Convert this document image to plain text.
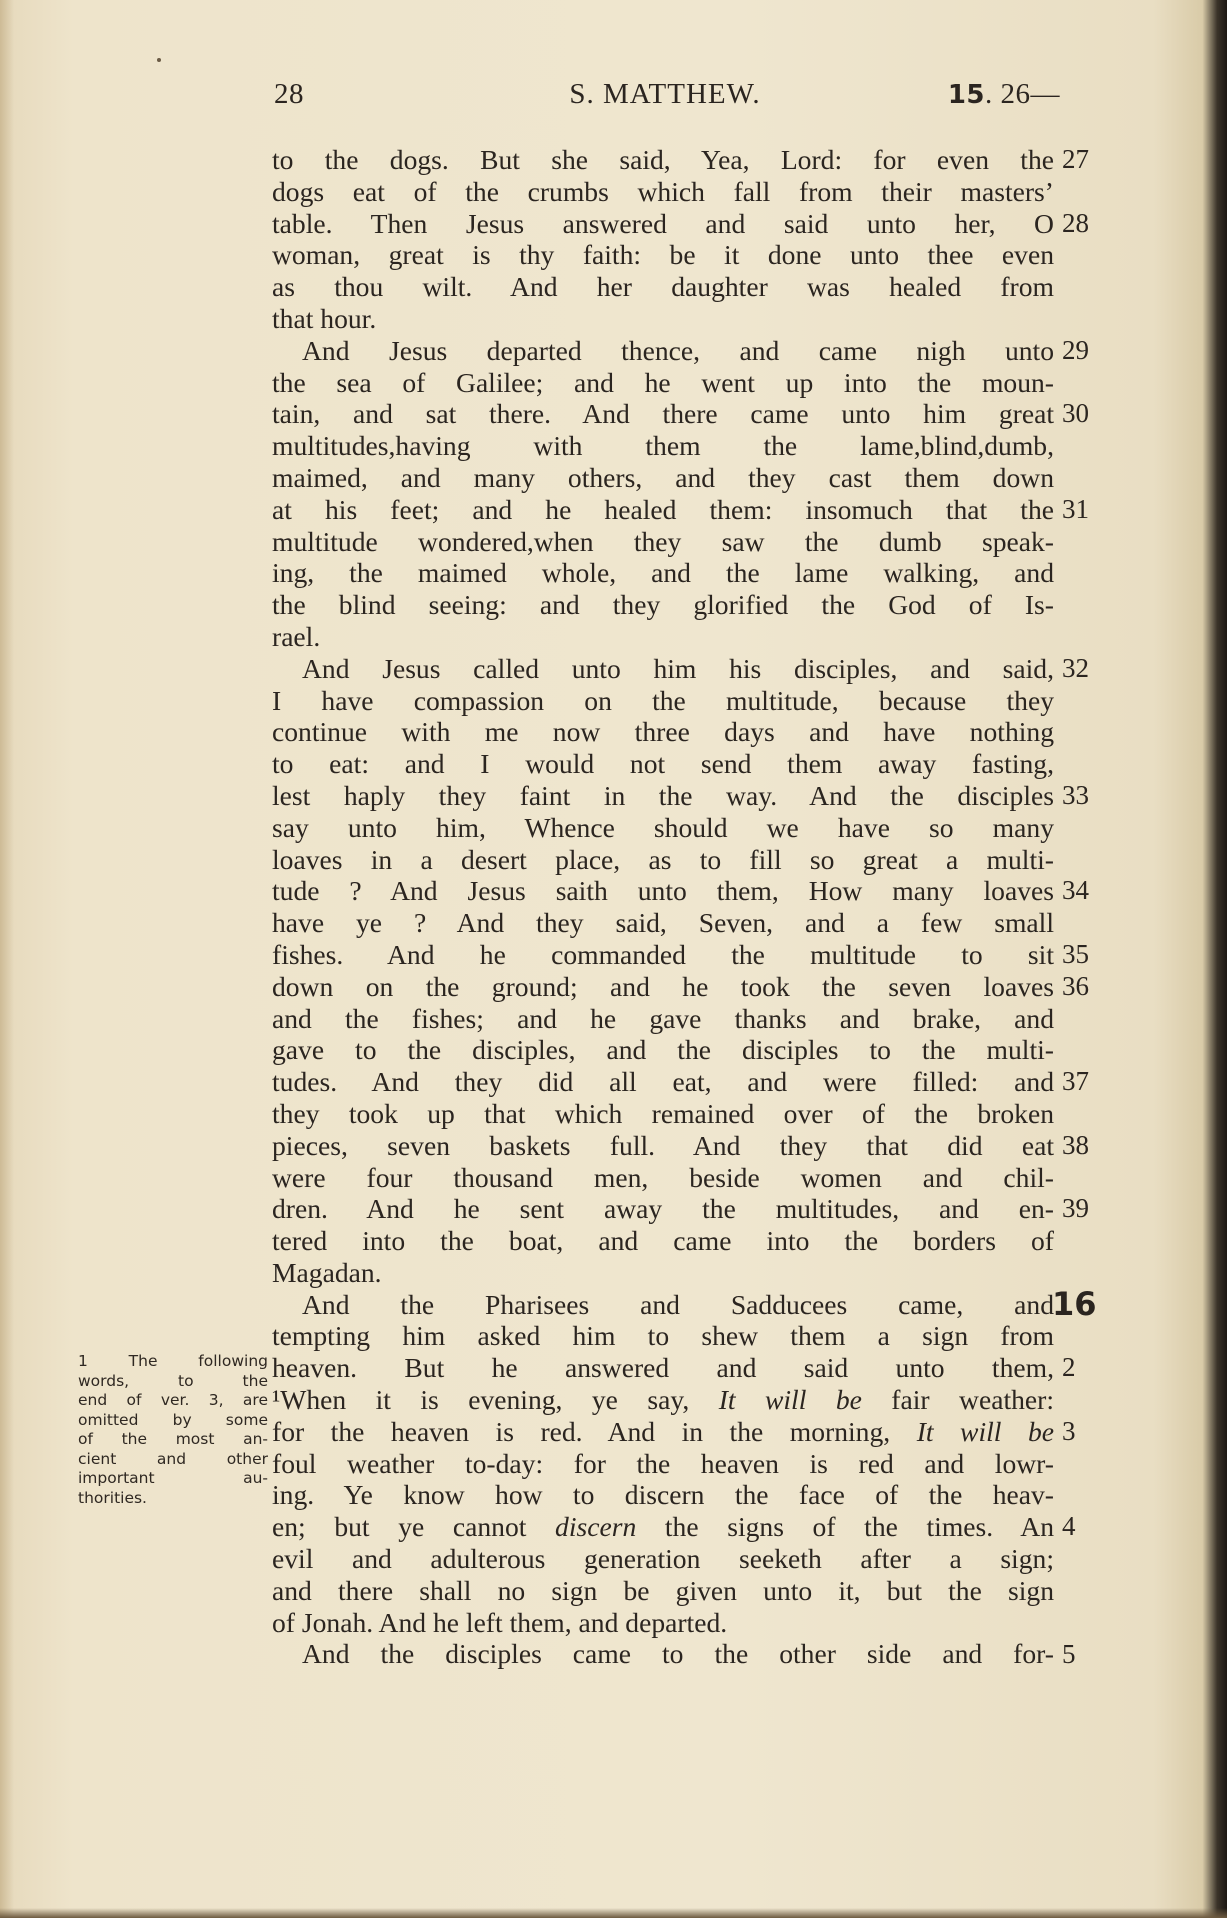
28	S. MATTHEW.	15. 26—
to the dogs. But she said, Yea, Lord: for even the
dogs eat of the crumbs which fall from their masters’
table. Then Jesus answered and said unto her, O
woman, great is thy faith: be it done unto thee even
as thou wilt. And her daughter was healed from
that hour.
And Jesus departed thence, and came nigh unto
the sea of Galilee; and he went up into the moun-
tain, and sat there. And there came unto him great
multitudes,having with them the lame,blind,dumb,
maimed, and many others, and they cast them down
at his feet; and he healed them: insomuch that the
multitude wondered,when they saw the dumb speak-
ing, the maimed whole, and the lame walking, and
the blind seeing: and they glorified the God of Is-
rael.
And Jesus called unto him his disciples, and said,
I have compassion on the multitude, because they
continue with me now three days and have nothing
to eat: and I would not send them away fasting,
lest haply they faint in the way. And the disciples
say unto him, Whence should we have so many
loaves in a desert place, as to fill so great a multi-
tude ? And Jesus saith unto them, How many loaves
have ye ? And they said, Seven, and a few small
fishes. And he commanded the multitude to sit
down on the ground; and he took the seven loaves
and the fishes; and he gave thanks and brake, and
gave to the disciples, and the disciples to the multi-
tudes. And they did all eat, and were filled: and
they took up that which remained over of the broken
pieces, seven baskets full. And they that did eat
were four thousand men, beside women and chil-
dren. And he sent away the multitudes, and en-
tered into the boat, and came into the borders of
Magadan.
And the Pharisees and Sadducees came, and
tempting him asked him to shew them a sign from
heaven. But he answered and said unto them,
¹When it is evening, ye say, It will be fair weather:
for the heaven is red. And in the morning, It will be
foul weather to-day: for the heaven is red and lowr-
ing. Ye know how to discern the face of the heav-
en; but ye cannot discern the signs of the times. An
evil and adulterous generation seeketh after a sign;
and there shall no sign be given unto it, but the sign
of Jonah. And he left them, and departed.
And the disciples came to the other side and for-
27
28
29
30
31
32
33
34
35
36
37
38
39
16
2
3
4
5
1 The following
words, to the
end of ver. 3, are
omitted by some
of the most an-
cient and other
important au-
thorities.
